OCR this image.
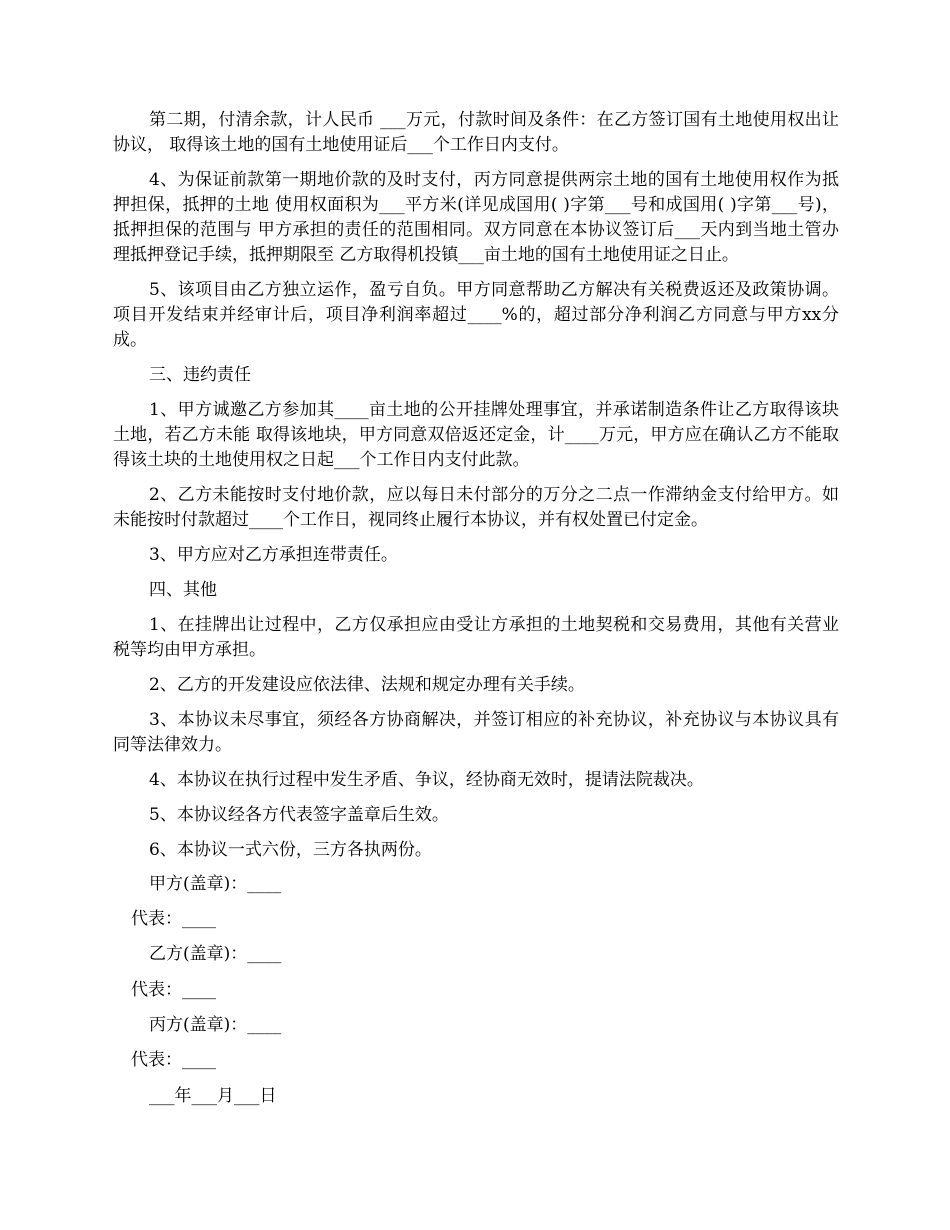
第二期，付清余款，计人民币 ___万元，付款时间及条件：在乙方签订国有土地使用权出让协议， 取得该土地的国有土地使用证后___个工作日内支付。

4、为保证前款第一期地价款的及时支付，丙方同意提供两宗土地的国有土地使用权作为抵押担保，抵押的土地 使用权面积为___平方米(详见成国用( )字第___号和成国用( )字第___号)，抵押担保的范围与 甲方承担的责任的范围相同。双方同意在本协议签订后___天内到当地土管办理抵押登记手续，抵押期限至 乙方取得机投镇___亩土地的国有土地使用证之日止。

5、该项目由乙方独立运作，盈亏自负。甲方同意帮助乙方解决有关税费返还及政策协调。项目开发结束并经审计后，项目净利润率超过____%的，超过部分净利润乙方同意与甲方xx分成。

三、违约责任

1、甲方诚邀乙方参加其____亩土地的公开挂牌处理事宜，并承诺制造条件让乙方取得该块土地，若乙方未能 取得该地块，甲方同意双倍返还定金，计____万元，甲方应在确认乙方不能取得该土块的土地使用权之日起___个工作日内支付此款。

2、乙方未能按时支付地价款，应以每日未付部分的万分之二点一作滞纳金支付给甲方。如未能按时付款超过____个工作日，视同终止履行本协议，并有权处置已付定金。

3、甲方应对乙方承担连带责任。

四、其他

1、在挂牌出让过程中，乙方仅承担应由受让方承担的土地契税和交易费用，其他有关营业税等均由甲方承担。

2、乙方的开发建设应依法律、法规和规定办理有关手续。

3、本协议未尽事宜，须经各方协商解决，并签订相应的补充协议，补充协议与本协议具有同等法律效力。

4、本协议在执行过程中发生矛盾、争议，经协商无效时，提请法院裁决。

5、本协议经各方代表签字盖章后生效。

6、本协议一式六份，三方各执两份。

甲方(盖章)：____

代表：____

乙方(盖章)：____

代表：____

丙方(盖章)：____

代表：____

___年___月___日
